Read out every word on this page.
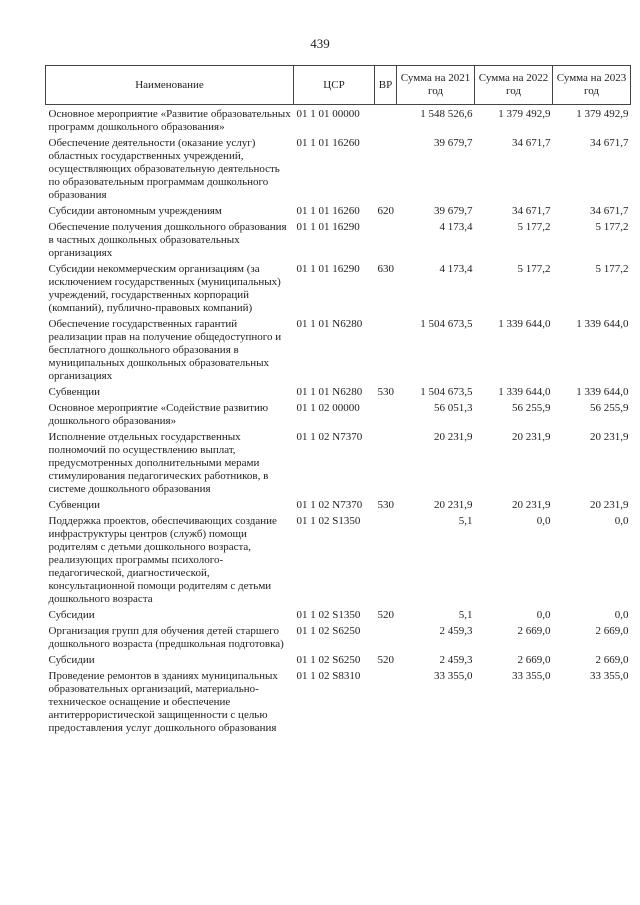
439
Наименование	ЦСР	ВР	Сумма на 2021 год	Сумма на 2022 год	Сумма на 2023 год
Основное мероприятие «Развитие образовательных программ дошкольного образования»	01 1 01 00000		1 548 526,6	1 379 492,9	1 379 492,9
Обеспечение деятельности (оказание услуг) областных государственных учреждений, осуществляющих образовательную деятельность по образовательным программам дошкольного образования	01 1 01 16260		39 679,7	34 671,7	34 671,7
Субсидии автономным учреждениям	01 1 01 16260	620	39 679,7	34 671,7	34 671,7
Обеспечение получения дошкольного образования в частных дошкольных образовательных организациях	01 1 01 16290		4 173,4	5 177,2	5 177,2
Субсидии некоммерческим организациям (за исключением государственных (муниципальных) учреждений, государственных корпораций (компаний), публично-правовых компаний)	01 1 01 16290	630	4 173,4	5 177,2	5 177,2
Обеспечение государственных гарантий реализации прав на получение общедоступного и бесплатного дошкольного образования в муниципальных дошкольных образовательных организациях	01 1 01 N6280		1 504 673,5	1 339 644,0	1 339 644,0
Субвенции	01 1 01 N6280	530	1 504 673,5	1 339 644,0	1 339 644,0
Основное мероприятие «Содействие развитию дошкольного образования»	01 1 02 00000		56 051,3	56 255,9	56 255,9
Исполнение отдельных государственных полномочий по осуществлению выплат, предусмотренных дополнительными мерами стимулирования педагогических работников, в системе дошкольного образования	01 1 02 N7370		20 231,9	20 231,9	20 231,9
Субвенции	01 1 02 N7370	530	20 231,9	20 231,9	20 231,9
Поддержка проектов, обеспечивающих создание инфраструктуры центров (служб) помощи родителям с детьми дошкольного возраста, реализующих программы психолого-педагогической, диагностической, консультационной помощи родителям с детьми дошкольного возраста	01 1 02 S1350		5,1	0,0	0,0
Субсидии	01 1 02 S1350	520	5,1	0,0	0,0
Организация групп для обучения детей старшего дошкольного возраста (предшкольная подготовка)	01 1 02 S6250		2 459,3	2 669,0	2 669,0
Субсидии	01 1 02 S6250	520	2 459,3	2 669,0	2 669,0
Проведение ремонтов в зданиях муниципальных образовательных организаций, материально-техническое оснащение и обеспечение антитеррористической защищенности с целью предоставления услуг дошкольного образования	01 1 02 S8310		33 355,0	33 355,0	33 355,0
